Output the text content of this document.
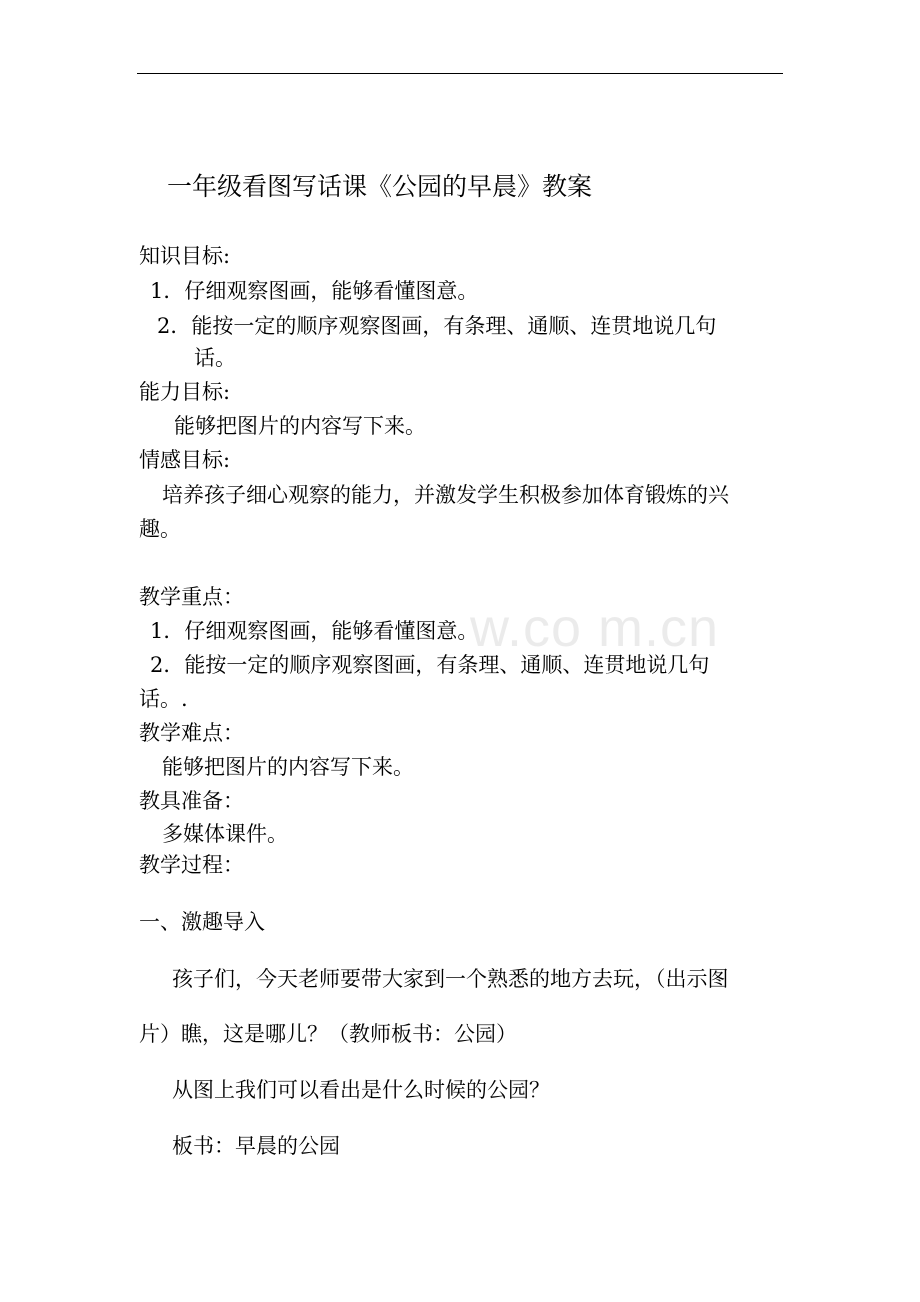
一年级看图写话课《公园的早晨》教案
w.co m.cn
知识目标:
1．仔细观察图画，能够看懂图意。
2．能按一定的顺序观察图画，有条理、通顺、连贯地说几句
话。
能力目标:
能够把图片的内容写下来。
情感目标:
培养孩子细心观察的能力，并激发学生积极参加体育锻炼的兴
趣。
教学重点：
1．仔细观察图画，能够看懂图意。
2．能按一定的顺序观察图画，有条理、通顺、连贯地说几句
话。.
教学难点：
能够把图片的内容写下来。
教具准备：
多媒体课件。
教学过程：
一、激趣导入
孩子们，今天老师要带大家到一个熟悉的地方去玩，（出示图
片）瞧，这是哪儿？（教师板书：公园）
从图上我们可以看出是什么时候的公园？
板书：早晨的公园
